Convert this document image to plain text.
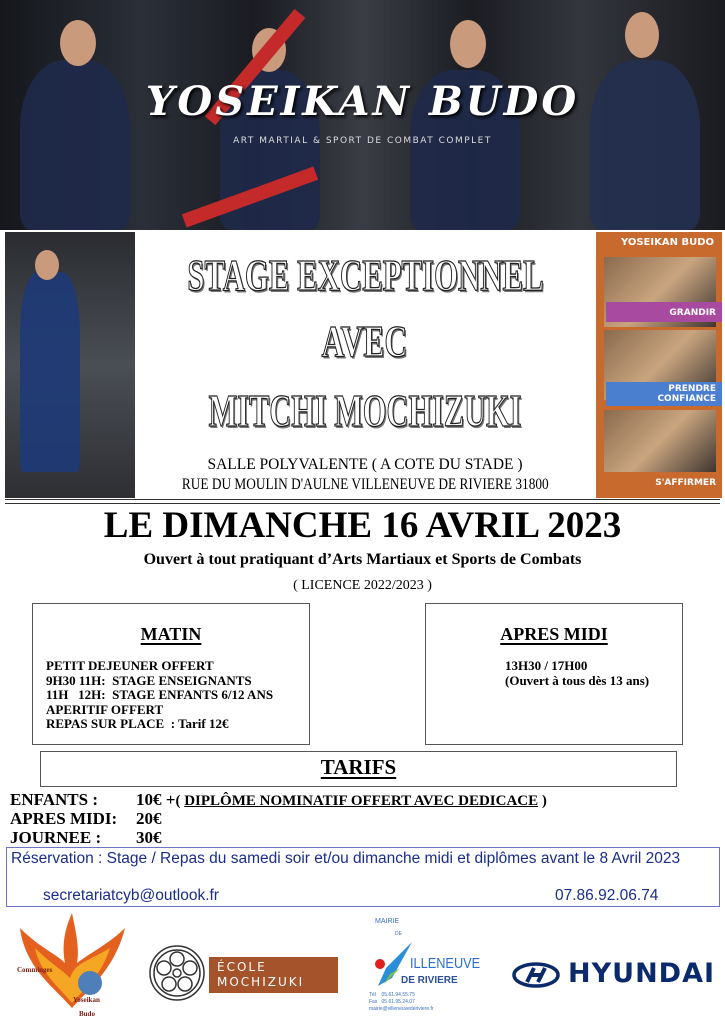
YOSEIKAN BUDO
ART MARTIAL & SPORT DE COMBAT COMPLET
YOSEIKAN BUDO
GRANDIR
PRENDRE CONFIANCE
S'AFFIRMER
STAGE EXCEPTIONNEL
AVEC
MITCHI MOCHIZUKI
SALLE POLYVALENTE ( A COTE DU STADE )
RUE DU MOULIN D'AULNE VILLENEUVE DE RIVIERE 31800
LE DIMANCHE 16 AVRIL 2023
Ouvert à tout pratiquant d’Arts Martiaux et Sports de Combats
( LICENCE 2022/2023 )
MATIN
PETIT DEJEUNER OFFERT
9H30 11H:  STAGE ENSEIGNANTS
11H   12H:  STAGE ENFANTS 6/12 ANS
APERITIF OFFERT
REPAS SUR PLACE  : Tarif 12€
APRES MIDI
13H30 / 17H00
(Ouvert à tous dès 13 ans)
TARIFS
ENFANTS : 10€ +( DIPLÔME NOMINATIF OFFERT AVEC DEDICACE )
APRES MIDI: 20€
JOURNEE : 30€
Réservation : Stage / Repas du samedi soir et/ou dimanche midi et diplômes avant le 8 Avril 2023
secretariatcyb@outlook.fr	07.86.92.06.74
Comminges
Yoseikan
Budo
ÉCOLE
MOCHIZUKI
MAIRIE
DE
ILLENEUVE
DE RIVIERE
Tél    05.61.94.55.75
Fax   05.61.95.24.07
mairie@villeneuvederiviere.fr
HYUNDAI
